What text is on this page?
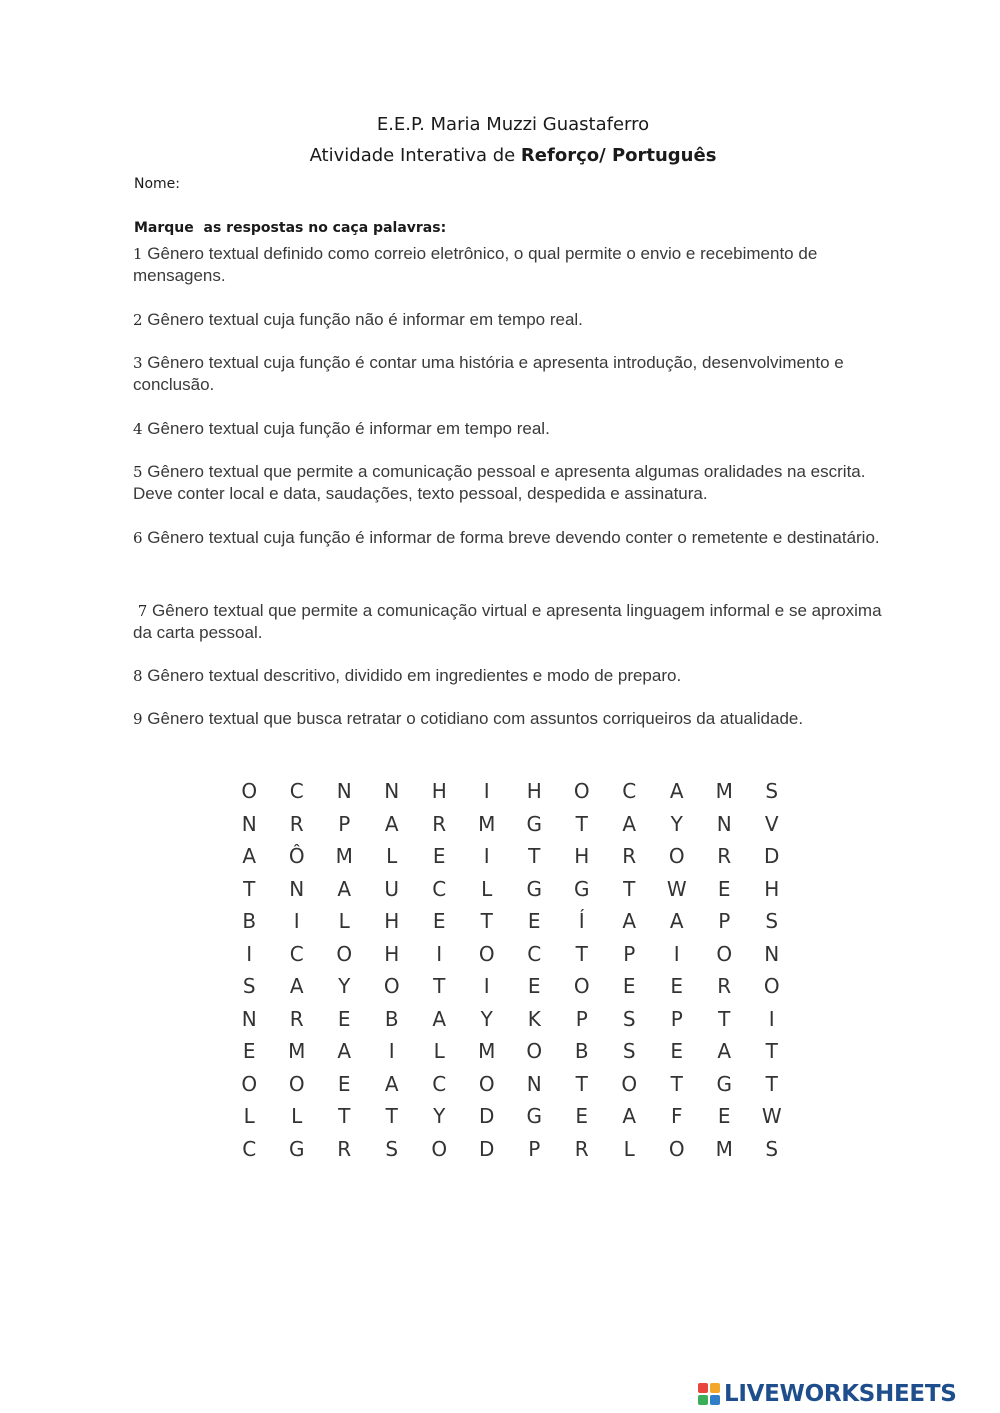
E.E.P. Maria Muzzi Guastaferro
Atividade Interativa de Reforço/ Português
Nome:
Marque  as respostas no caça palavras:
1 Gênero textual definido como correio eletrônico, o qual permite o envio e recebimento de mensagens.
2 Gênero textual cuja função não é informar em tempo real.
3 Gênero textual cuja função é contar uma história e apresenta introdução, desenvolvimento e conclusão.
4 Gênero textual cuja função é informar em tempo real.
5 Gênero textual que permite a comunicação pessoal e apresenta algumas oralidades na escrita. Deve conter local e data, saudações, texto pessoal, despedida e assinatura.
6 Gênero textual cuja função é informar de forma breve devendo conter o remetente e destinatário.
7 Gênero textual que permite a comunicação virtual e apresenta linguagem informal e se aproxima da carta pessoal.
8 Gênero textual descritivo, dividido em ingredientes e modo de preparo.
9 Gênero textual que busca retratar o cotidiano com assuntos corriqueiros da atualidade.
O	C	N	N	H	I	H	O	C	A	M	S
N	R	P	A	R	M	G	T	A	Y	N	V
A	Ô	M	L	E	I	T	H	R	O	R	D
T	N	A	U	C	L	G	G	T	W	E	H
B	I	L	H	E	T	E	Í	A	A	P	S
I	C	O	H	I	O	C	T	P	I	O	N
S	A	Y	O	T	I	E	O	E	E	R	O
N	R	E	B	A	Y	K	P	S	P	T	I
E	M	A	I	L	M	O	B	S	E	A	T
O	O	E	A	C	O	N	T	O	T	G	T
L	L	T	T	Y	D	G	E	A	F	E	W
C	G	R	S	O	D	P	R	L	O	M	S
LIVEWORKSHEETS
